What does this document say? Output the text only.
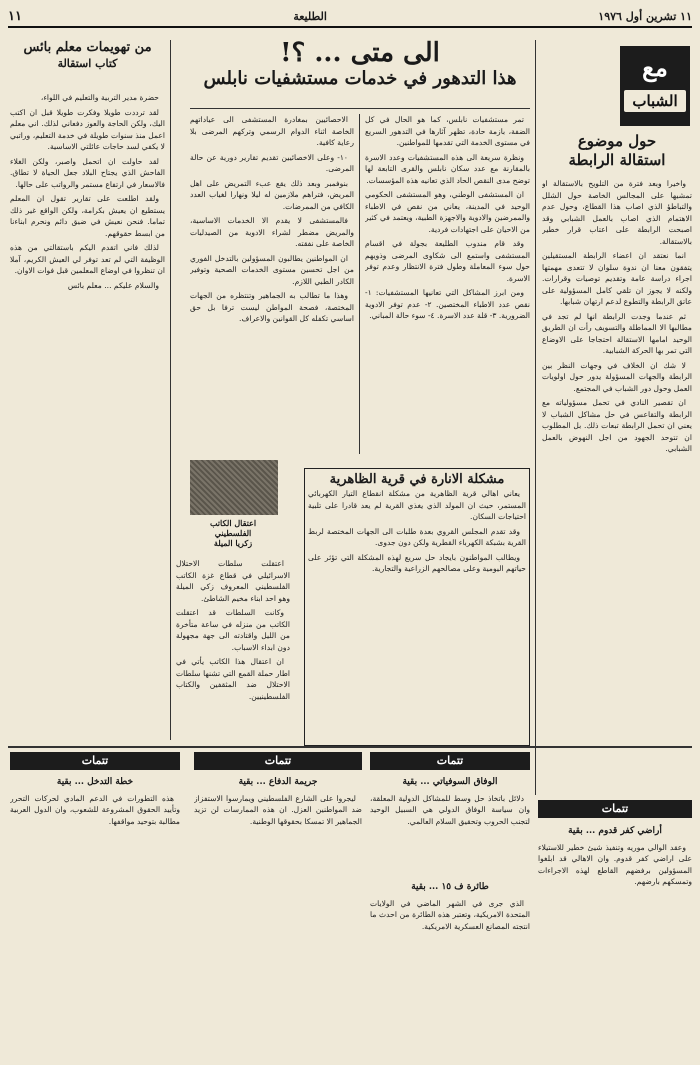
١١ تشرين أول ١٩٧٦
الطليعة
١١
مع
الشباب
حول موضوع
استقالة الرابطة

واخيرا وبعد فترة من التلويح بالاستقالة او تمشيها على المجالس الخاصة حول الشلل والتباطؤ الذي اصاب هذا القطاع، وحول عدم الاهتمام الذي اصاب بالعمل الشبابي وقد اصبحت الرابطة على اعتاب قرار خطير بالاستقالة.

انما نعتقد ان اعضاء الرابطة المستقيلين يتفقون معنا ان ندوة سلوان لا تتعدى مهمتها اجراء دراسة عامة وتقديم توصيات وقرارات. ولكنه لا يجوز ان تلقي كامل المسؤولية على عاتق الرابطة والتطوع لدعم ارتهان شبابها.

ثم عندما وجدت الرابطة انها لم تجد في مطالبها الا المماطلة والتسويف رأت ان الطريق الوحيد امامها الاستقالة احتجاجا على الاوضاع التي تمر بها الحركة الشبابية.

لا شك ان الخلاف في وجهات النظر بين الرابطة والجهات المسؤولة يدور حول اولويات العمل وحول دور الشباب في المجتمع.

ان تقصير النادي في تحمل مسؤولياته مع الرابطة والتقاعس في حل مشاكل الشباب لا يعني ان تحمل الرابطة تبعات ذلك. بل المطلوب ان تتوحد الجهود من اجل النهوض بالعمل الشبابي.

الى متى ... ؟!
هذا التدهور في خدمات مستشفيات نابلس

تمر مستشفيات نابلس، كما هو الحال في كل الضفة، بازمة حادة، تظهر آثارها في التدهور السريع في مستوى الخدمة التي تقدمها للمواطنين.

ونظرة سريعة الى هذه المستشفيات وعدد الاسرة بالمقارنة مع عدد سكان نابلس والقرى التابعة لها توضح مدى النقص الحاد الذي تعانيه هذه المؤسسات.

ان المستشفى الوطني، وهو المستشفى الحكومي الوحيد في المدينة، يعاني من نقص في الاطباء والممرضين والادوية والاجهزة الطبية، ويعتمد في كثير من الاحيان على اجتهادات فردية.

وقد قام مندوب الطليعة بجولة في اقسام المستشفى واستمع الى شكاوى المرضى وذويهم حول سوء المعاملة وطول فترة الانتظار وعدم توفر الاسرة.

ومن ابرز المشاكل التي تعانيها المستشفيات: ١- نقص عدد الاطباء المختصين. ٢- عدم توفر الادوية الضرورية. ٣- قلة عدد الاسرة. ٤- سوء حالة المباني.

الاحصائيين بمغادرة المستشفى الى عياداتهم الخاصة اثناء الدوام الرسمي وتركهم المرضى بلا رعاية كافية.

١٠- وعلى الاخصائيين تقديم تقارير دورية عن حالة المرضى.

بنوفمبر وبعد ذلك يقع عبء التمريض على اهل المريض، فتراهم ملازمين له ليلا ونهارا لغياب العدد الكافي من الممرضات.

فالمستشفى لا يقدم الا الخدمات الاساسية، والمريض مضطر لشراء الادوية من الصيدليات الخاصة على نفقته.

ان المواطنين يطالبون المسؤولين بالتدخل الفوري من اجل تحسين مستوى الخدمات الصحية وتوفير الكادر الطبي اللازم.

وهذا ما تطالب به الجماهير وتنتظره من الجهات المختصة، فصحة المواطن ليست ترفا بل حق اساسي تكفله كل القوانين والاعراف.

اعتقال الكاتب
الفلسطيني
زكريا الميلة

اعتقلت سلطات الاحتلال الاسرائيلي في قطاع غزة الكاتب الفلسطيني المعروف زكي الميلة وهو احد ابناء مخيم الشاطئ.

وكانت السلطات قد اعتقلت الكاتب من منزله في ساعة متأخرة من الليل واقتادته الى جهة مجهولة دون ابداء الاسباب.

ان اعتقال هذا الكاتب يأتي في اطار حملة القمع التي تشنها سلطات الاحتلال ضد المثقفين والكتاب الفلسطينيين.

مشكلة الانارة في قرية الظاهرية

يعاني اهالي قرية الظاهرية من مشكلة انقطاع التيار الكهربائي المستمر، حيث ان المولد الذي يغذي القرية لم يعد قادرا على تلبية احتياجات السكان.

وقد تقدم المجلس القروي بعدة طلبات الى الجهات المختصة لربط القرية بشبكة الكهرباء القطرية ولكن دون جدوى.

ويطالب المواطنون بايجاد حل سريع لهذه المشكلة التي تؤثر على حياتهم اليومية وعلى مصالحهم الزراعية والتجارية.

من تهويمات معلم بائس
كتاب استقالة

حضرة مدير التربية والتعليم في اللواء،

لقد ترددت طويلا وفكرت طويلا قبل ان اكتب اليك، ولكن الحاجة والعوز دفعاني لذلك. اني معلم اعمل منذ سنوات طويلة في خدمة التعليم، وراتبي لا يكفي لسد حاجات عائلتي الاساسية.

لقد حاولت ان اتحمل واصبر، ولكن الغلاء الفاحش الذي يجتاح البلاد جعل الحياة لا تطاق. فالاسعار في ارتفاع مستمر والرواتب على حالها.

ولقد اطلعت على تقارير تقول ان المعلم يستطيع ان يعيش بكرامة، ولكن الواقع غير ذلك تماما. فنحن نعيش في ضيق دائم ونحرم ابناءنا من ابسط حقوقهم.

لذلك فاني اتقدم اليكم باستقالتي من هذه الوظيفة التي لم تعد توفر لي العيش الكريم، آملا ان تنظروا في اوضاع المعلمين قبل فوات الاوان.

والسلام عليكم ... معلم بائس

تتمات
أراضي كفر قدوم ... بقية

وعقد الوالي موريه وتنفيذ شيئ خطير للاستيلاء على اراضي كفر قدوم. وان الاهالي قد ابلغوا المسؤولين برفضهم القاطع لهذه الاجراءات وتمسكهم بارضهم.

تتمات
الوفاق السوفياتي ... بقية

دلائل باتخاذ حل وسط للمشاكل الدولية المعلقة، وان سياسة الوفاق الدولي هي السبيل الوحيد لتجنب الحروب وتحقيق السلام العالمي.

طائرة ف ١٥ ... بقية

الذي جرى في الشهر الماضي في الولايات المتحدة الامريكية، وتعتبر هذه الطائرة من احدث ما انتجته المصانع العسكرية الامريكية.

تتمات
جريمة الدفاع ... بقية

ليجروا على الشارع الفلسطيني ويمارسوا الاستفزاز ضد المواطنين العزل. ان هذه الممارسات لن تزيد الجماهير الا تمسكا بحقوقها الوطنية.

تتمات
خطة التدخل ... بقية

هذه التطورات في الدعم المادي لحركات التحرر وتأييد الحقوق المشروعة للشعوب، وان الدول العربية مطالبة بتوحيد مواقفها.
